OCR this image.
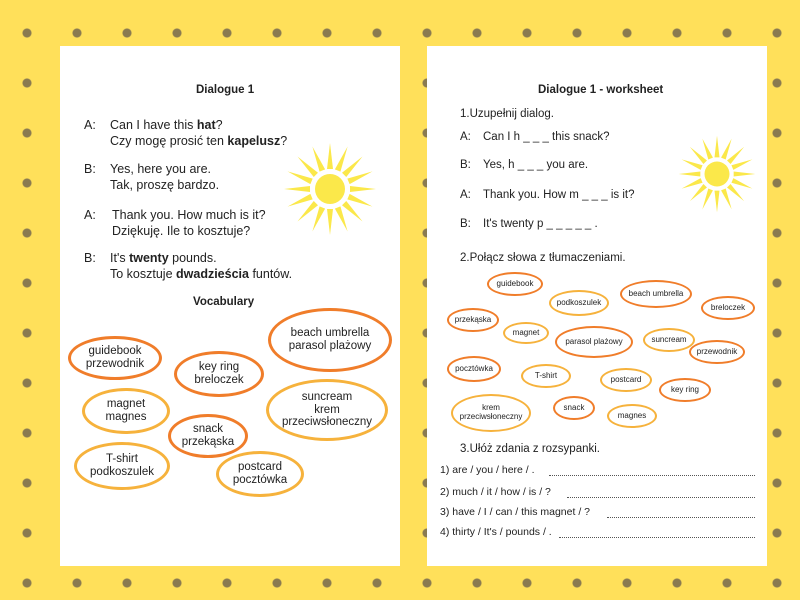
Dialogue 1
A: Can I have this hat?
Czy mogę prosić ten kapelusz?
B: Yes, here you are.
Tak, proszę bardzo.
A: Thank you. How much is it?
Dziękuję. Ile to kosztuje?
B: It's twenty pounds.
To kosztuje dwadzieścia funtów.
Vocabulary
beach umbrella
parasol plażowy
guidebook
przewodnik	key ring
breloczek
magnet
magnes
suncream
krem
przeciwsłoneczny
snack
przekąska
T-shirt
podkoszulek	postcard
pocztówka
Dialogue 1 - worksheet
1.Uzupełnij dialog.
A: Can I h _ _ _ this snack?
B: Yes, h _ _ _ you are.
A: Thank you. How m _ _ _ is it?
B: It's twenty p _ _ _ _ _ .
2.Połącz słowa z tłumaczeniami.
guidebook
podkoszulek
beach umbrella
breloczek
przekąska
magnet
parasol plażowy	suncream
przewodnik
pocztówka
T-shirt	postcard
key ring
krem przeciwsłoneczny
snack
magnes
3.Ułóż zdania z rozsypanki.
1) are / you / here / .
2) much / it / how / is / ?
3) have / I / can / this magnet / ?
4) thirty / It's / pounds / .
